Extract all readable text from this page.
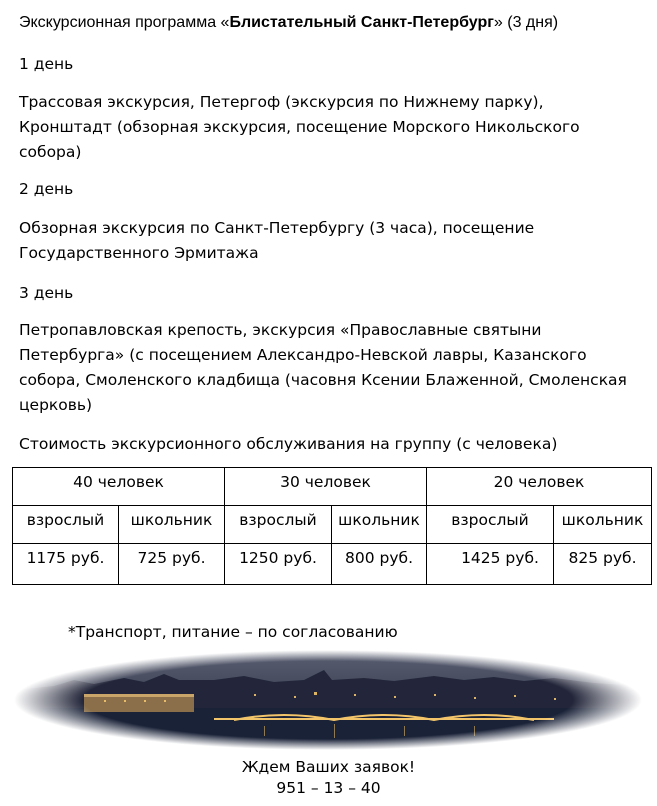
Экскурсионная программа «Блистательный Санкт-Петербург» (3 дня)

1 день

Трассовая экскурсия, Петергоф (экскурсия по Нижнему парку), Кронштадт (обзорная экскурсия, посещение Морского Никольского собора)

2 день

Обзорная экскурсия по Санкт-Петербургу (3 часа), посещение Государственного Эрмитажа

3 день

Петропавловская крепость, экскурсия «Православные святыни Петербурга» (с посещением Александро-Невской лавры, Казанского собора, Смоленского кладбища (часовня Ксении Блаженной, Смоленская церковь)

Стоимость экскурсионного обслуживания на группу (с человека)

40 человек		30 человек		20 человек	
взрослый	школьник	взрослый	школьник	взрослый	школьник
1175 руб.	725 руб.	1250 руб.	800 руб.	1425 руб.	825 руб.
*Транспорт, питание – по согласованию
Ждем Ваших заявок!
951 – 13 – 40
